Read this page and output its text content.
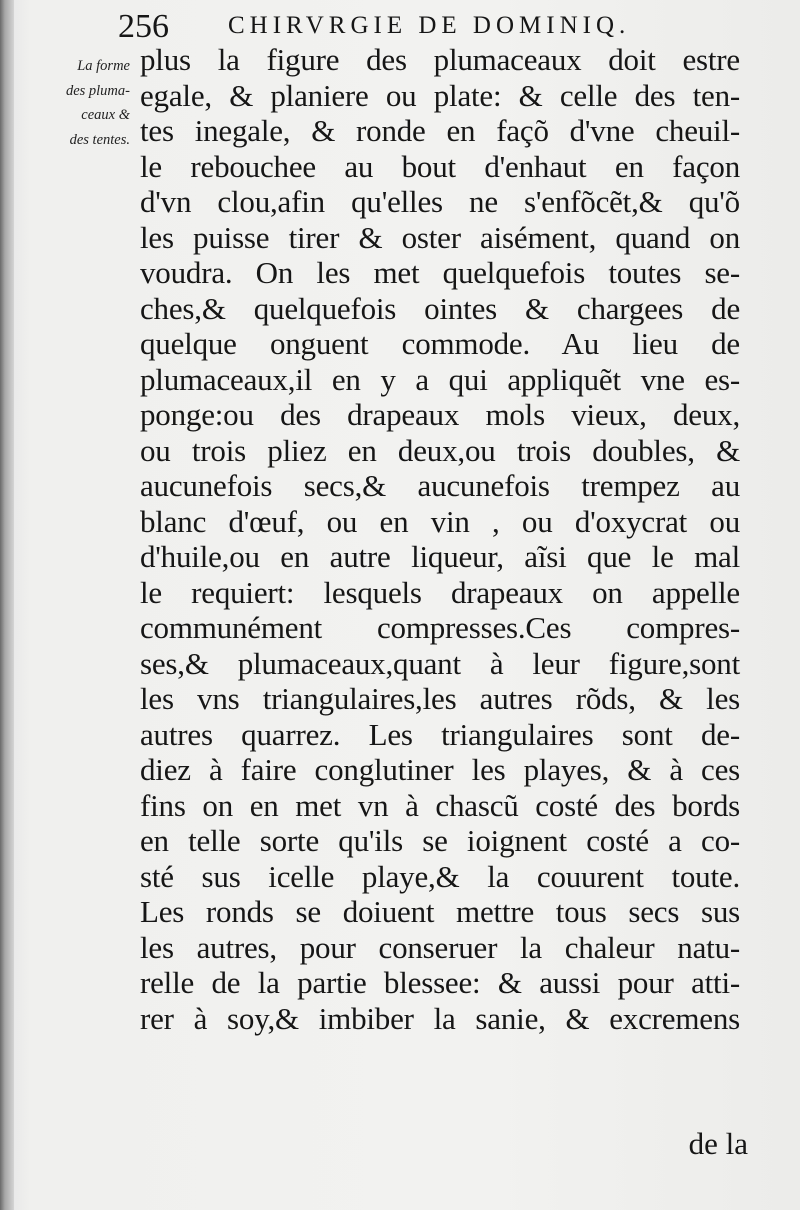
256 CHIRVRGIE DE DOMINIQ.
La forme
des pluma-
ceaux &
des tentes.
plus la figure des plumaceaux doit estre
egale, & planiere ou plate: & celle des ten-
tes inegale, & ronde en façõ d'vne cheuil-
le rebouchee au bout d'enhaut en façon
d'vn clou,afin qu'elles ne s'enfõcẽt,& qu'õ
les puisse tirer & oster aisément, quand on
voudra. On les met quelquefois toutes se-
ches,& quelquefois ointes & chargees de
quelque onguent commode. Au lieu de
plumaceaux,il en y a qui appliquẽt vne es-
ponge:ou des drapeaux mols vieux, deux,
ou trois pliez en deux,ou trois doubles, &
aucunefois secs,& aucunefois trempez au
blanc d'œuf, ou en vin , ou d'oxycrat ou
d'huile,ou en autre liqueur, aĩsi que le mal
le requiert: lesquels drapeaux on appelle
communément compresses.Ces compres-
ses,& plumaceaux,quant à leur figure,sont
les vns triangulaires,les autres rõds, & les
autres quarrez. Les triangulaires sont de-
diez à faire conglutiner les playes, & à ces
fins on en met vn à chascũ costé des bords
en telle sorte qu'ils se ioignent costé a co-
sté sus icelle playe,& la couurent toute.
Les ronds se doiuent mettre tous secs sus
les autres, pour conseruer la chaleur natu-
relle de la partie blessee: & aussi pour atti-
rer à soy,& imbiber la sanie, & excremens
de la
